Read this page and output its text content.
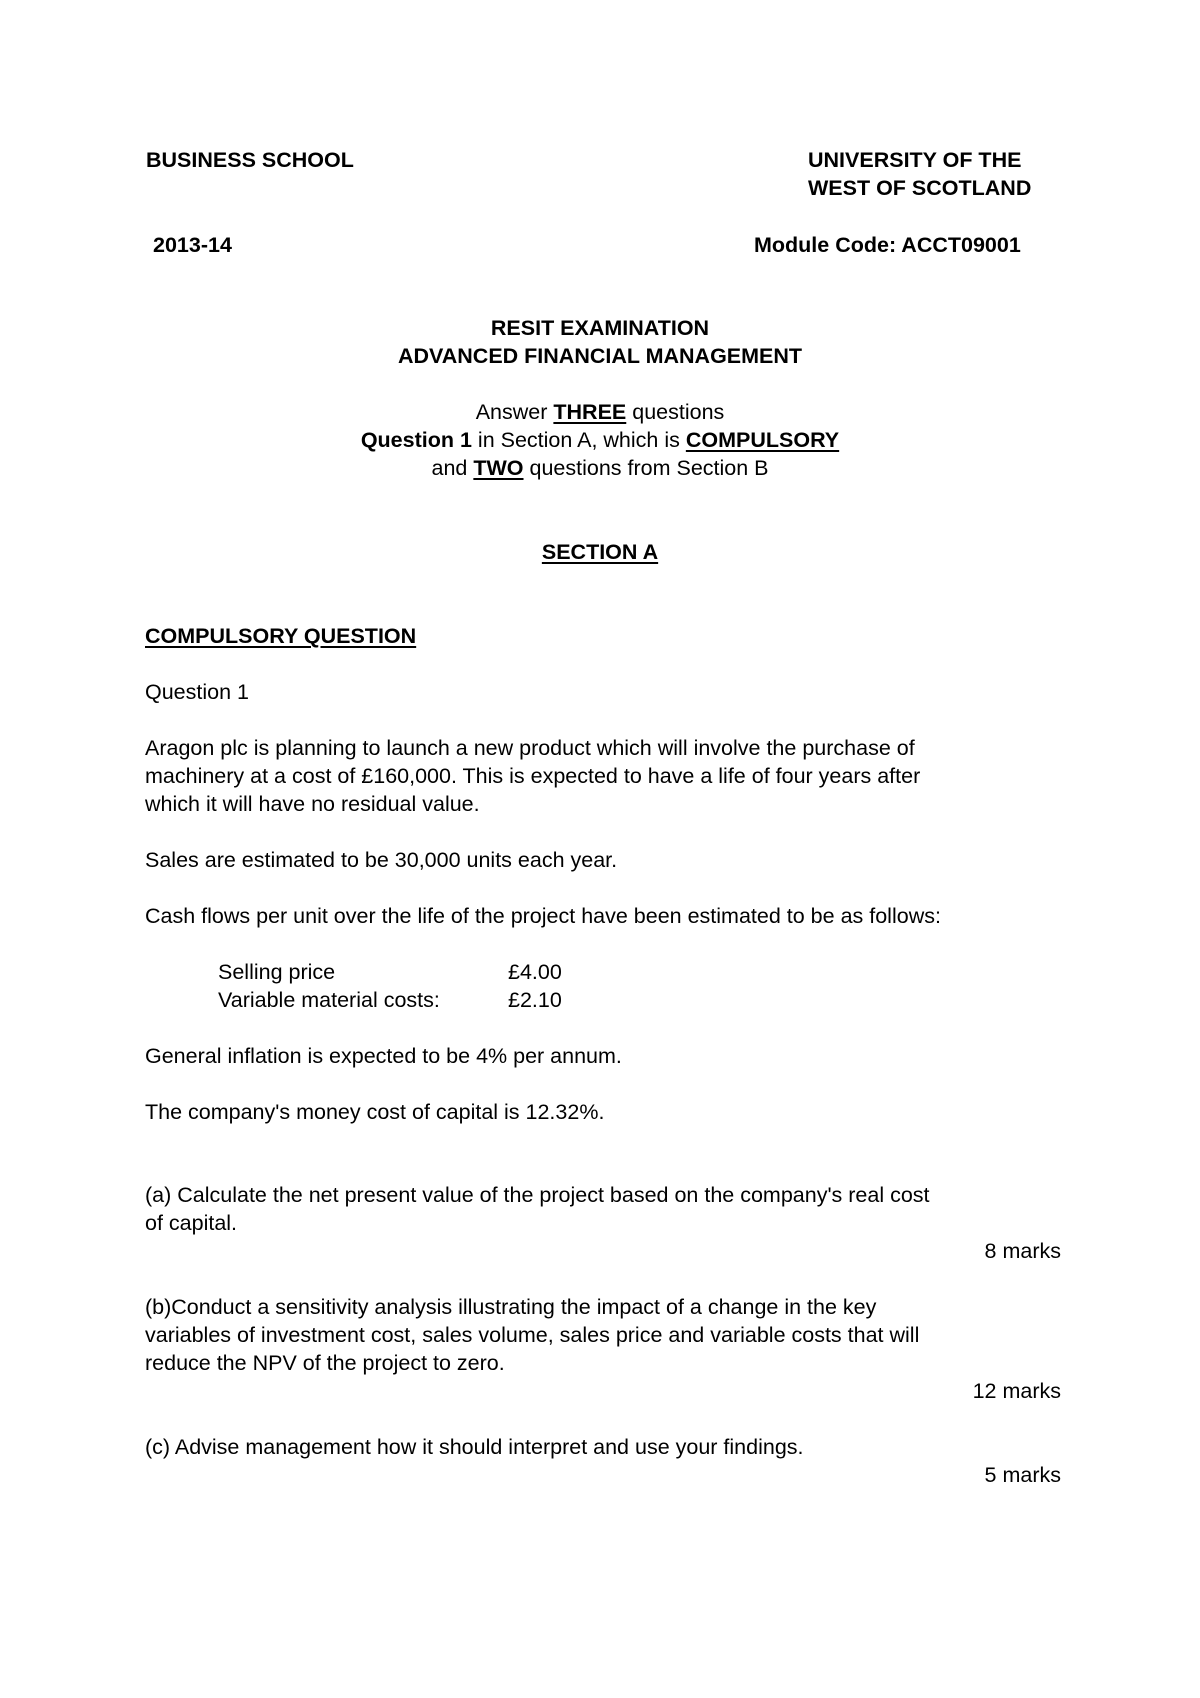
BUSINESS SCHOOL	UNIVERSITY OF THE
WEST OF SCOTLAND
2013-14	Module Code: ACCT09001
RESIT EXAMINATION
ADVANCED FINANCIAL MANAGEMENT
Answer THREE questions
Question 1 in Section A, which is COMPULSORY
and TWO questions from Section B
SECTION A
COMPULSORY QUESTION
Question 1
Aragon plc is planning to launch a new product which will involve the purchase of
machinery at a cost of £160,000. This is expected to have a life of four years after
which it will have no residual value.
Sales are estimated to be 30,000 units each year.
Cash flows per unit over the life of the project have been estimated to be as follows:
Selling price	£4.00
Variable material costs:	£2.10
General inflation is expected to be 4% per annum.
The company's money cost of capital is 12.32%.
(a) Calculate the net present value of the project based on the company's real cost
of capital.
8 marks
(b)Conduct a sensitivity analysis illustrating the impact of a change in the key
variables of investment cost, sales volume, sales price and variable costs that will
reduce the NPV of the project to zero.
12 marks
(c) Advise management how it should interpret and use your findings.
5 marks
